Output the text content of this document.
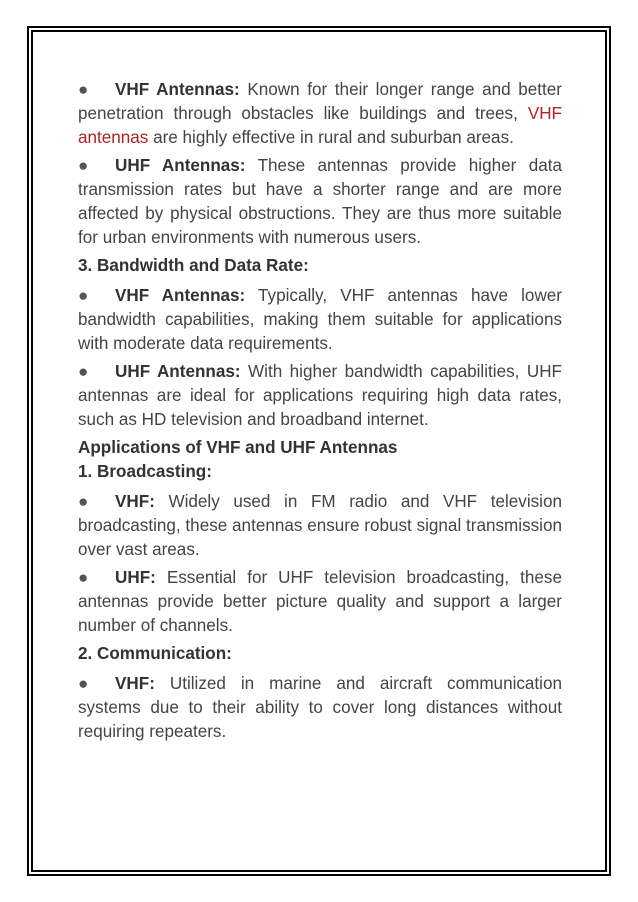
● VHF Antennas: Known for their longer range and better penetration through obstacles like buildings and trees, VHF antennas are highly effective in rural and suburban areas.

● UHF Antennas: These antennas provide higher data transmission rates but have a shorter range and are more affected by physical obstructions. They are thus more suitable for urban environments with numerous users.

3. Bandwidth and Data Rate:

● VHF Antennas: Typically, VHF antennas have lower bandwidth capabilities, making them suitable for applications with moderate data requirements.

● UHF Antennas: With higher bandwidth capabilities, UHF antennas are ideal for applications requiring high data rates, such as HD television and broadband internet.

Applications of VHF and UHF Antennas

1. Broadcasting:

● VHF: Widely used in FM radio and VHF television broadcasting, these antennas ensure robust signal transmission over vast areas.

● UHF: Essential for UHF television broadcasting, these antennas provide better picture quality and support a larger number of channels.

2. Communication:

● VHF: Utilized in marine and aircraft communication systems due to their ability to cover long distances without requiring repeaters.
